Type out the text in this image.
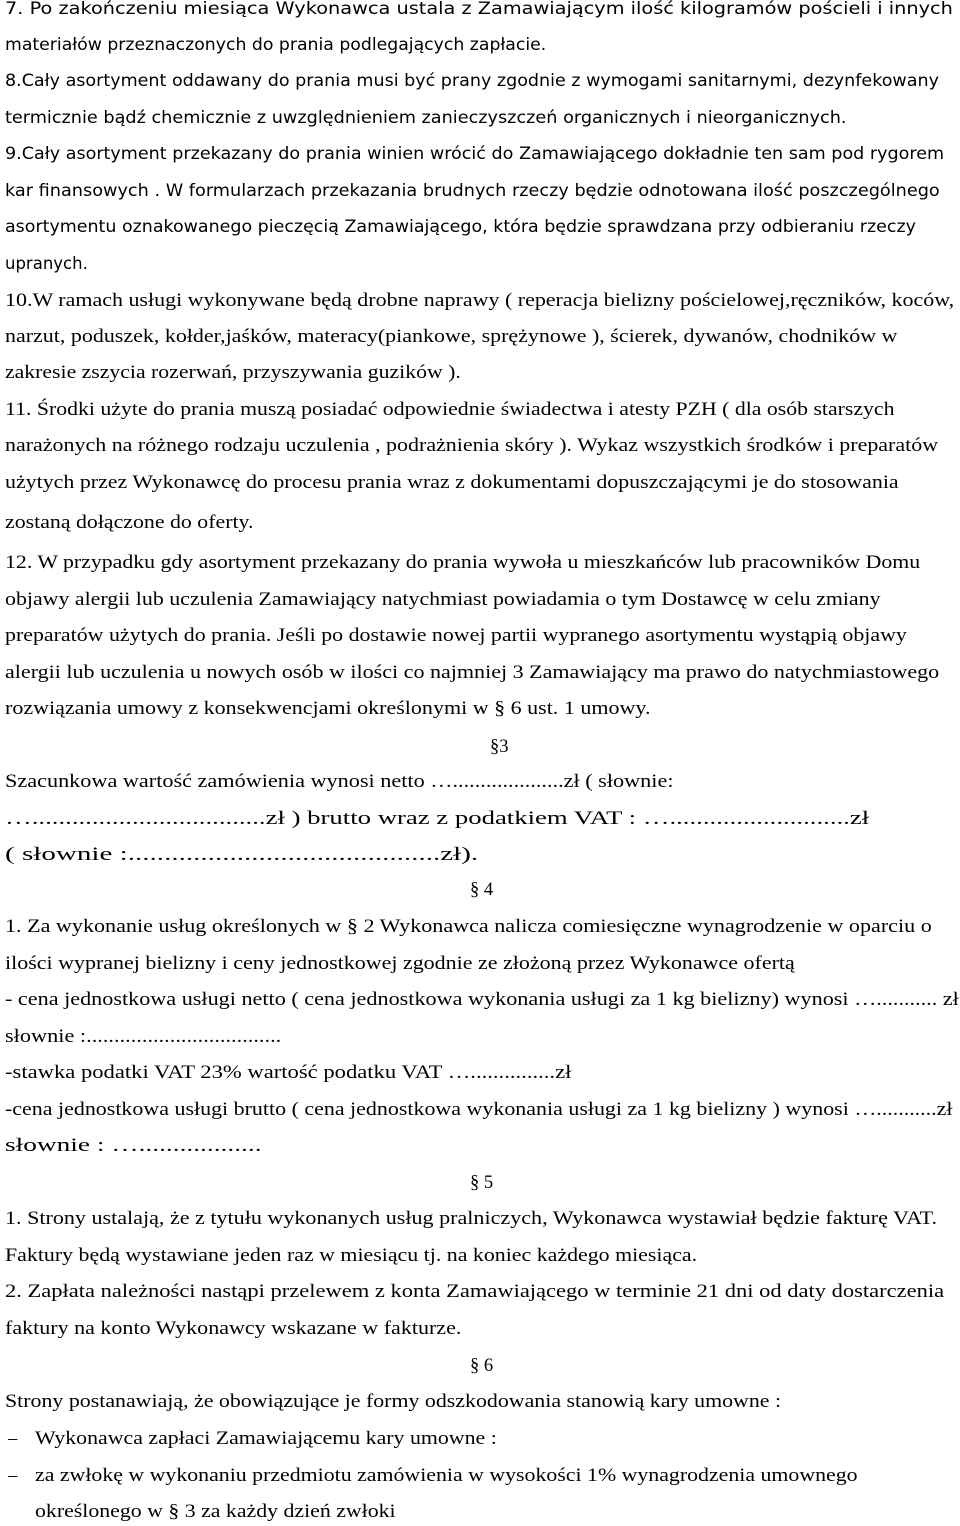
7. Po zakończeniu miesiąca Wykonawca ustala z Zamawiającym ilość kilogramów pościeli i innych
materiałów przeznaczonych do prania podlegających zapłacie.
8.Cały asortyment oddawany do prania musi być prany zgodnie z wymogami sanitarnymi, dezynfekowany
termicznie bądź chemicznie z uwzględnieniem zanieczyszczeń organicznych i nieorganicznych.
9.Cały asortyment przekazany do prania winien wrócić do Zamawiającego dokładnie ten sam pod rygorem
kar finansowych . W formularzach przekazania brudnych rzeczy będzie odnotowana ilość poszczególnego
asortymentu oznakowanego pieczęcią Zamawiającego, która będzie sprawdzana przy odbieraniu rzeczy
upranych.
10.W ramach usługi wykonywane będą drobne naprawy ( reperacja bielizny pościelowej,ręczników, koców,
narzut, poduszek, kołder,jaśków, materacy(piankowe, sprężynowe ), ścierek, dywanów, chodników w
zakresie zszycia rozerwań, przyszywania guzików ).
11. Środki użyte do prania muszą posiadać odpowiednie świadectwa i atesty PZH ( dla osób starszych
narażonych na różnego rodzaju uczulenia , podrażnienia skóry ). Wykaz wszystkich środków i preparatów
użytych przez Wykonawcę do procesu prania wraz z dokumentami dopuszczającymi je do stosowania
zostaną dołączone do oferty.
12. W przypadku gdy asortyment przekazany do prania wywoła u mieszkańców lub pracowników Domu
objawy alergii lub uczulenia Zamawiający natychmiast powiadamia o tym Dostawcę w celu zmiany
preparatów użytych do prania. Jeśli po dostawie nowej partii wypranego asortymentu wystąpią objawy
alergii lub uczulenia u nowych osób w ilości co najmniej 3 Zamawiający ma prawo do natychmiastowego
rozwiązania umowy z konsekwencjami określonymi w § 6 ust. 1 umowy.
§3
Szacunkowa wartość zamówienia wynosi netto …....................zł ( słownie:
…...................................zł ) brutto wraz z podatkiem VAT : …...........................zł
( słownie :...........................................zł).
§ 4
1. Za wykonanie usług określonych w § 2 Wykonawca nalicza comiesięczne wynagrodzenie w oparciu o
ilości wypranej bielizny i ceny jednostkowej zgodnie ze złożoną przez Wykonawce ofertą
- cena jednostkowa usługi netto ( cena jednostkowa wykonania usługi za 1 kg bielizny) wynosi …........... zł
słownie :...................................
-stawka podatki VAT 23% wartość podatku VAT …...............zł
-cena jednostkowa usługi brutto ( cena jednostkowa wykonania usługi za 1 kg bielizny ) wynosi …...........zł
słownie : …..................
§ 5
1. Strony ustalają, że z tytułu wykonanych usług pralniczych, Wykonawca wystawiał będzie fakturę VAT.
Faktury będą wystawiane jeden raz w miesiącu tj. na koniec każdego miesiąca.
2. Zapłata należności nastąpi przelewem z konta Zamawiającego w terminie 21 dni od daty dostarczenia
faktury na konto Wykonawcy wskazane w fakturze.
§ 6
Strony postanawiają, że obowiązujące je formy odszkodowania stanowią kary umowne :
– Wykonawca zapłaci Zamawiającemu kary umowne :
– za zwłokę w wykonaniu przedmiotu zamówienia w wysokości 1% wynagrodzenia umownego
określonego w § 3 za każdy dzień zwłoki
